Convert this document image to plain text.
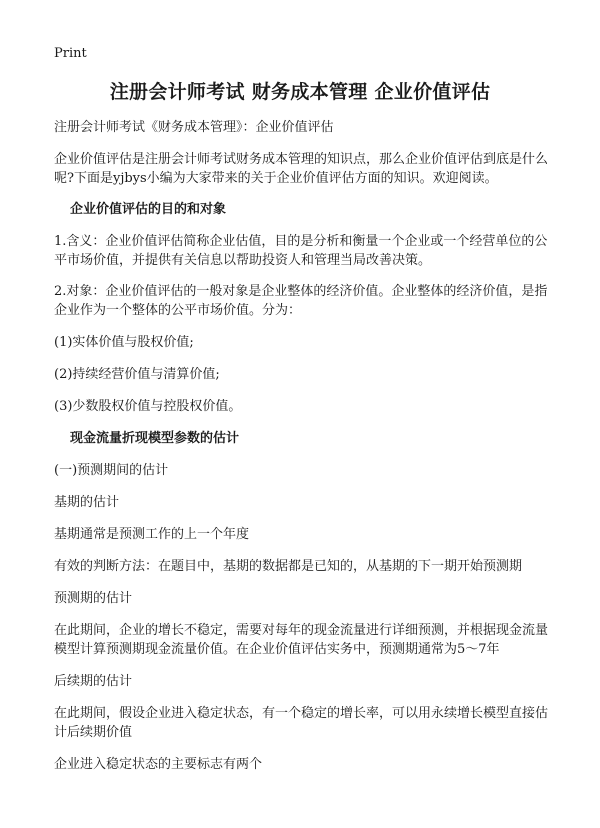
Print
注册会计师考试 财务成本管理 企业价值评估

注册会计师考试《财务成本管理》：企业价值评估

企业价值评估是注册会计师考试财务成本管理的知识点，那么企业价值评估到底是什么呢?下面是yjbys小编为大家带来的关于企业价值评估方面的知识。欢迎阅读。

企业价值评估的目的和对象

1.含义：企业价值评估简称企业估值，目的是分析和衡量一个企业或一个经营单位的公平市场价值，并提供有关信息以帮助投资人和管理当局改善决策。

2.对象：企业价值评估的一般对象是企业整体的经济价值。企业整体的经济价值，是指企业作为一个整体的公平市场价值。分为：

(1)实体价值与股权价值;

(2)持续经营价值与清算价值;

(3)少数股权价值与控股权价值。

现金流量折现模型参数的估计

(一)预测期间的估计

基期的估计

基期通常是预测工作的上一个年度

有效的判断方法：在题目中，基期的数据都是已知的，从基期的下一期开始预测期

预测期的估计

在此期间，企业的增长不稳定，需要对每年的现金流量进行详细预测，并根据现金流量模型计算预测期现金流量价值。在企业价值评估实务中，预测期通常为5～7年

后续期的估计

在此期间，假设企业进入稳定状态，有一个稳定的增长率，可以用永续增长模型直接估计后续期价值

企业进入稳定状态的主要标志有两个
